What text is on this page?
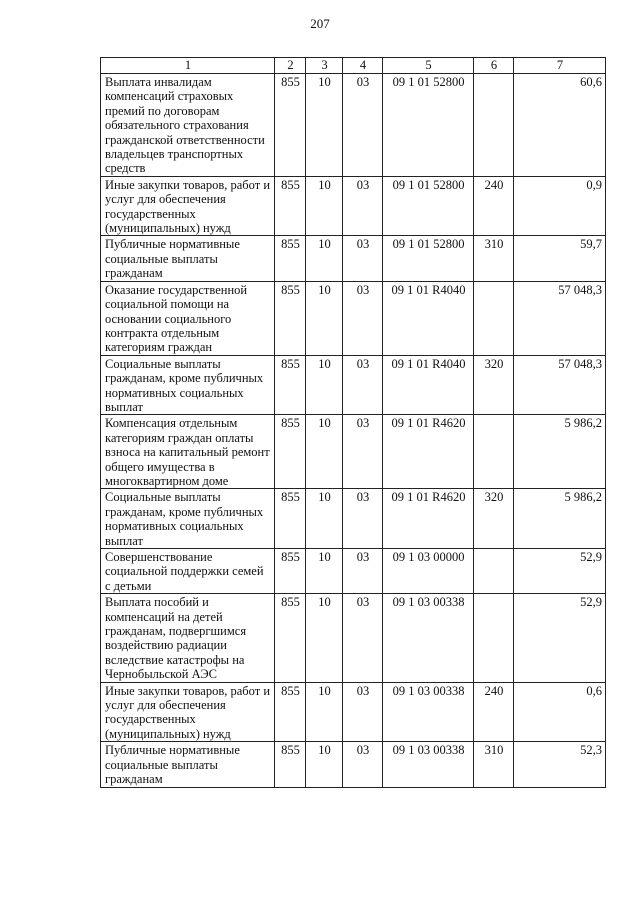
207
1	2	3	4	5	6	7
Выплата инвалидам компенсаций страховых премий по договорам обязательного страхования гражданской ответственности владельцев транспортных средств	855	10	03	09 1 01 52800		60,6
Иные закупки товаров, работ и услуг для обеспечения государственных (муниципальных) нужд	855	10	03	09 1 01 52800	240	0,9
Публичные нормативные социальные выплаты гражданам	855	10	03	09 1 01 52800	310	59,7
Оказание государственной социальной помощи на основании социального контракта отдельным категориям граждан	855	10	03	09 1 01 R4040		57 048,3
Социальные выплаты гражданам, кроме публичных нормативных социальных выплат	855	10	03	09 1 01 R4040	320	57 048,3
Компенсация отдельным категориям граждан оплаты взноса на капитальный ремонт общего имущества в многоквартирном доме	855	10	03	09 1 01 R4620		5 986,2
Социальные выплаты гражданам, кроме публичных нормативных социальных выплат	855	10	03	09 1 01 R4620	320	5 986,2
Совершенствование социальной поддержки семей с детьми	855	10	03	09 1 03 00000		52,9
Выплата пособий и компенсаций на детей гражданам, подвергшимся воздействию радиации вследствие катастрофы на Чернобыльской АЭС	855	10	03	09 1 03 00338		52,9
Иные закупки товаров, работ и услуг для обеспечения государственных (муниципальных) нужд	855	10	03	09 1 03 00338	240	0,6
Публичные нормативные социальные выплаты гражданам	855	10	03	09 1 03 00338	310	52,3
